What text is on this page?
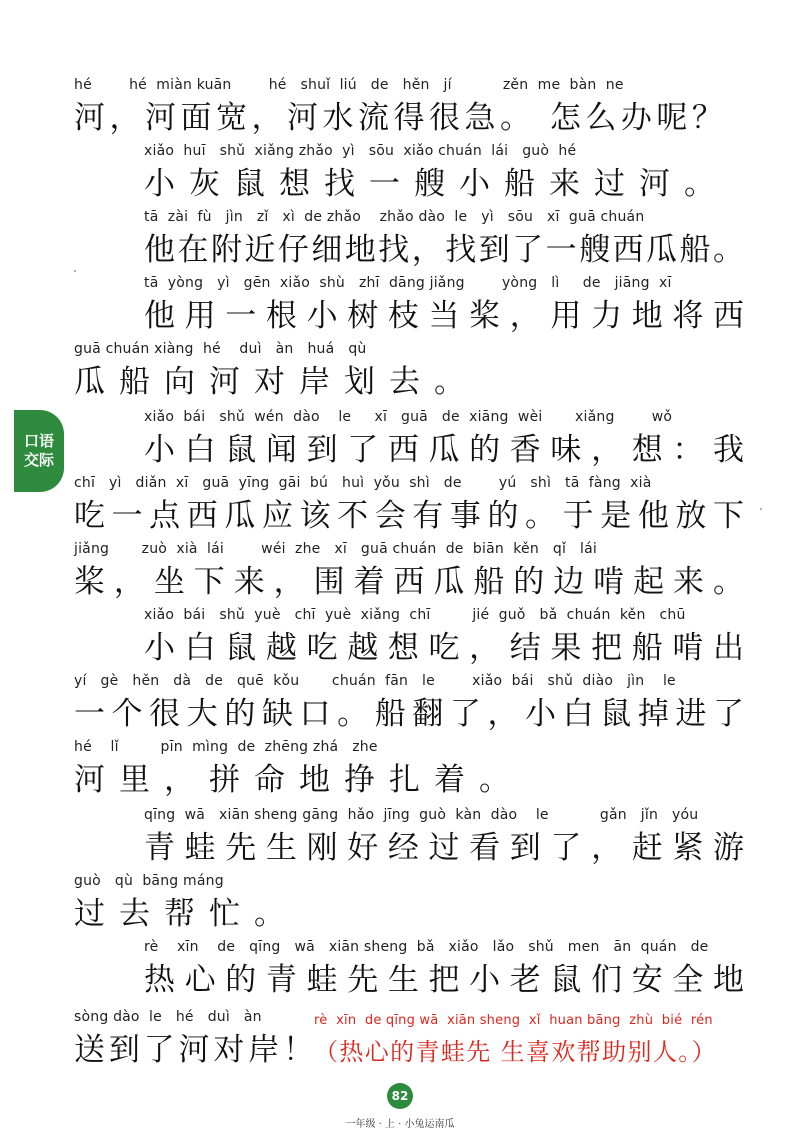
口语
交际
hé        hé  miàn kuān        hé   shuǐ  liú   de   hěn   jí           zěn  me  bàn  ne
河，河面宽，河水流得很急。 怎么办呢？
xiǎo  huī   shǔ  xiǎng zhǎo  yì   sōu  xiǎo chuán  lái   guò  hé
小灰鼠想找一艘小船来过河。
tā  zài  fù   jìn   zǐ   xì  de zhǎo    zhǎo dào  le   yì   sōu   xī  guā chuán
他在附近仔细地找，找到了一艘西瓜船。
tā  yòng   yì   gēn  xiǎo  shù   zhī  dāng jiǎng        yòng   lì     de   jiāng  xī
他用一根小树枝当桨，用力地将西
guā chuán xiàng  hé    duì   àn   huá   qù
瓜船向河对岸划去。
xiǎo  bái   shǔ  wén  dào    le     xī   guā   de  xiāng  wèi       xiǎng        wǒ
小白鼠闻到了西瓜的香味，想：我
chī   yì   diǎn  xī   guā  yīng  gāi  bú   huì  yǒu  shì   de        yú   shì   tā  fàng  xià
吃一点西瓜应该不会有事的。于是他放下
jiǎng       zuò  xià  lái        wéi  zhe   xī   guā chuán  de  biān  kěn   qǐ   lái
桨，坐下来，围着西瓜船的边啃起来。
xiǎo  bái   shǔ  yuè   chī  yuè  xiǎng  chī         jié  guǒ   bǎ  chuán  kěn   chū
小白鼠越吃越想吃，结果把船啃出
yí   gè   hěn   dà   de   quē  kǒu       chuán  fān   le        xiǎo  bái   shǔ  diào   jìn    le
一个很大的缺口。船翻了，小白鼠掉进了
hé    lǐ         pīn  mìng  de  zhēng zhá   zhe
河里，拼命地挣扎着。
qīng  wā   xiān sheng gāng  hǎo  jīng  guò  kàn  dào    le           gǎn   jǐn   yóu
青蛙先生刚好经过看到了，赶紧游
guò   qù  bāng máng
过去帮忙。
rè    xīn    de   qīng   wā   xiān sheng  bǎ   xiǎo   lǎo   shǔ   men   ān  quán   de
热心的青蛙先生把小老鼠们安全地
sòng dào  le   hé   duì   àn
送到了河对岸！
rè  xīn  de qīng wā  xiān sheng  xǐ  huan bāng  zhù  bié  rén
（热心的青蛙先 生喜欢帮助别人。）
82
一年级 · 上 · 小兔运南瓜
